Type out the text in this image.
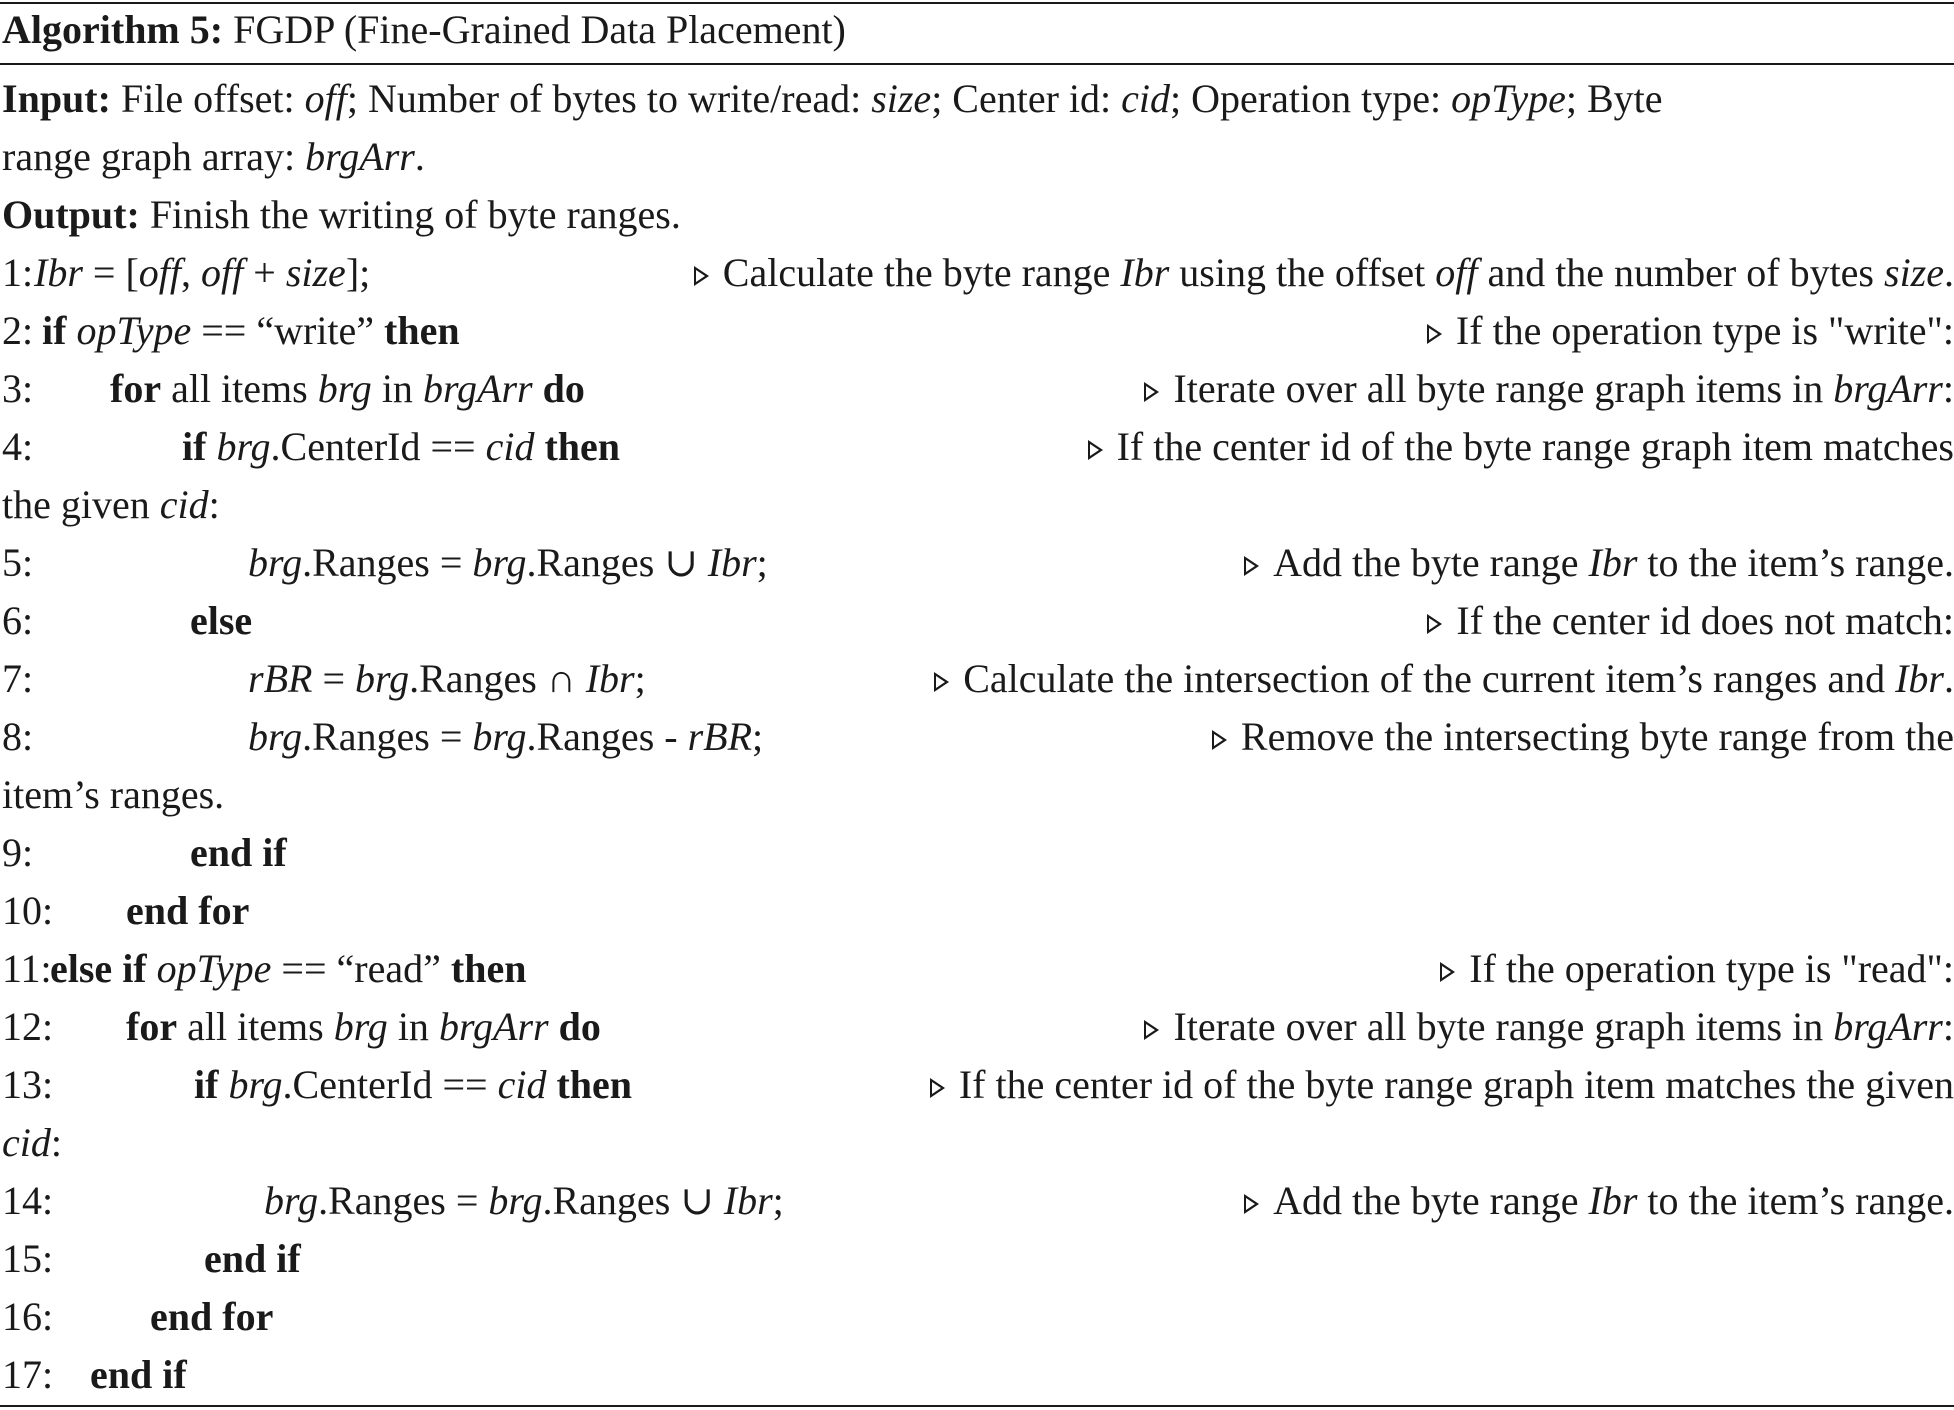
Algorithm 5: FGDP (Fine-Grained Data Placement)
Input: File offset: off; Number of bytes to write/read: size; Center id: cid; Operation type: opType; Byte
range graph array: brgArr.
Output: Finish the writing of byte ranges.
1: Ibr = [off, off + size];	Calculate the byte range Ibr using the offset off and the number of bytes size.
2: if opType == “write” then	If the operation type is "write":
3: for all items brg in brgArr do	Iterate over all byte range graph items in brgArr:
4:	if brg.CenterId == cid then	If the center id of the byte range graph item matches
the given cid:
5:	brg.Ranges = brg.Ranges ∪ Ibr;	Add the byte range Ibr to the item’s range.
6:	else	If the center id does not match:
7:	rBR = brg.Ranges ∩ Ibr;	Calculate the intersection of the current item’s ranges and Ibr.
8:	brg.Ranges = brg.Ranges - rBR;	Remove the intersecting byte range from the
item’s ranges.
9:	end if
10: end for
11:
else if opType == “read” then	If the operation type is "read":
12: for all items brg in brgArr do	Iterate over all byte range graph items in brgArr:
13:	if brg.CenterId == cid then	If the center id of the byte range graph item matches the given
cid:
14:	brg.Ranges = brg.Ranges ∪ Ibr;	Add the byte range Ibr to the item’s range.
15:	end if
16: end for
17: end if
